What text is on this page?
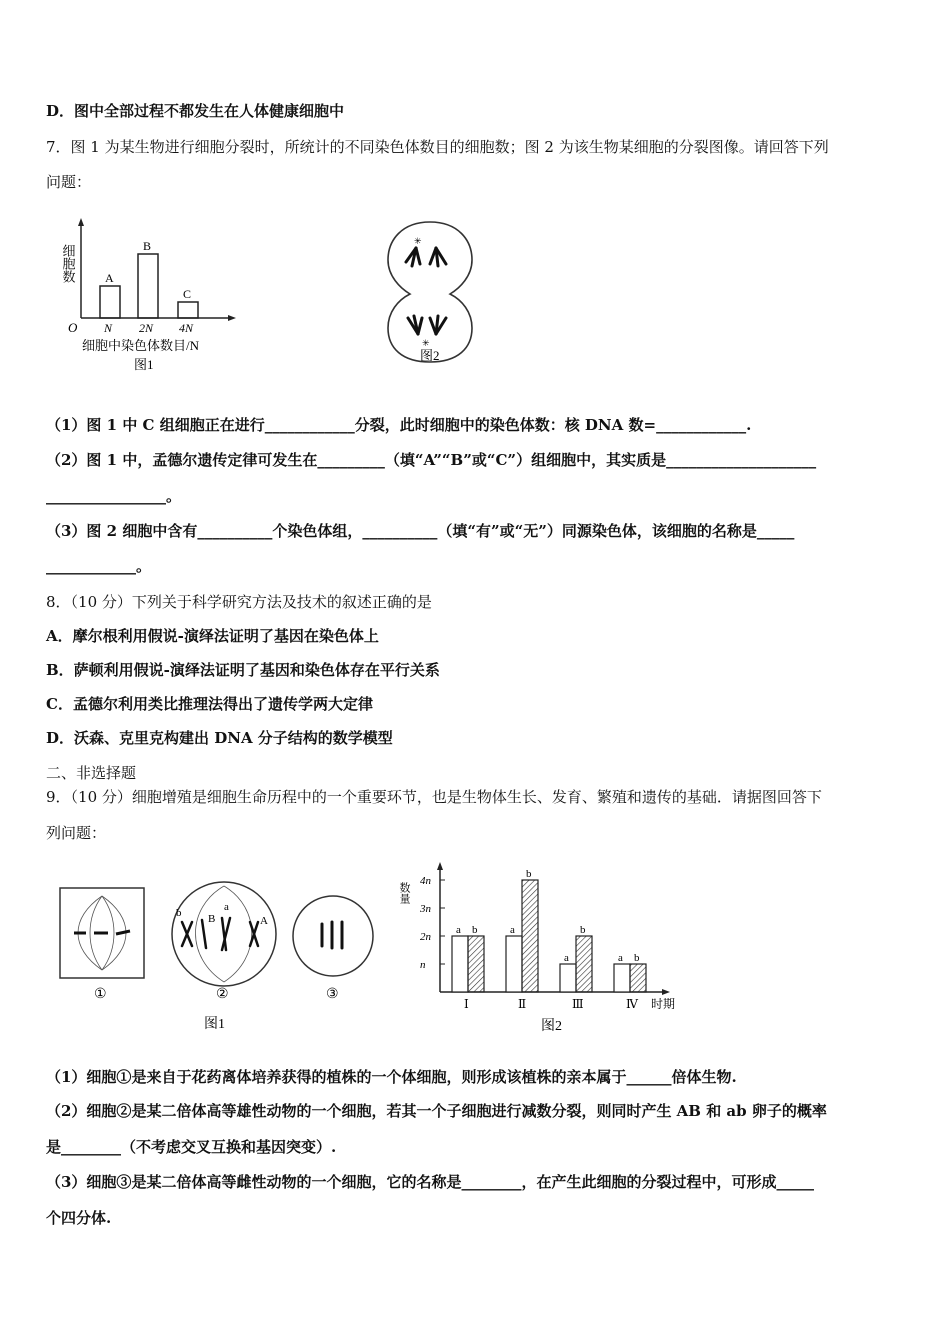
D．图中全部过程不都发生在人体健康细胞中
7．图 1 为某生物进行细胞分裂时，所统计的不同染色体数目的细胞数；图 2 为该生物某细胞的分裂图像。请回答下列
问题：
细胞数
O
A
N
B
2N
C
4N
细胞中染色体数目/N
图1
✳
✳
图2
（1）图 1 中 C 组细胞正在进行____________分裂，此时细胞中的染色体数：核 DNA 数=____________.
（2）图 1 中，孟德尔遗传定律可发生在_________（填“A”“B”或“C”）组细胞中，其实质是____________________
________________。
（3）图 2 细胞中含有__________个染色体组，__________（填“有”或“无”）同源染色体，该细胞的名称是_____
____________。
8．（10 分）下列关于科学研究方法及技术的叙述正确的是
A．摩尔根利用假说-演绎法证明了基因在染色体上
B．萨顿利用假说-演绎法证明了基因和染色体存在平行关系
C．孟德尔利用类比推理法得出了遗传学两大定律
D．沃森、克里克构建出 DNA 分子结构的数学模型
二、非选择题
9．（10 分）细胞增殖是细胞生命历程中的一个重要环节，也是生物体生长、发育、繁殖和遗传的基础．请据图回答下
列问题：
①
b B
a
A
②	③
图1
数量
n
2n
3n
4n
a b
Ⅰ
a
b
Ⅱ
a
b
Ⅲ
a b
Ⅳ 时期
图2
（1）细胞①是来自于花药离体培养获得的植株的一个体细胞，则形成该植株的亲本属于______倍体生物.
（2）细胞②是某二倍体高等雄性动物的一个细胞，若其一个子细胞进行减数分裂，则同时产生 AB 和 ab 卵子的概率
是________（不考虑交叉互换和基因突变）.
（3）细胞③是某二倍体高等雌性动物的一个细胞，它的名称是________，在产生此细胞的分裂过程中，可形成_____
个四分体.
